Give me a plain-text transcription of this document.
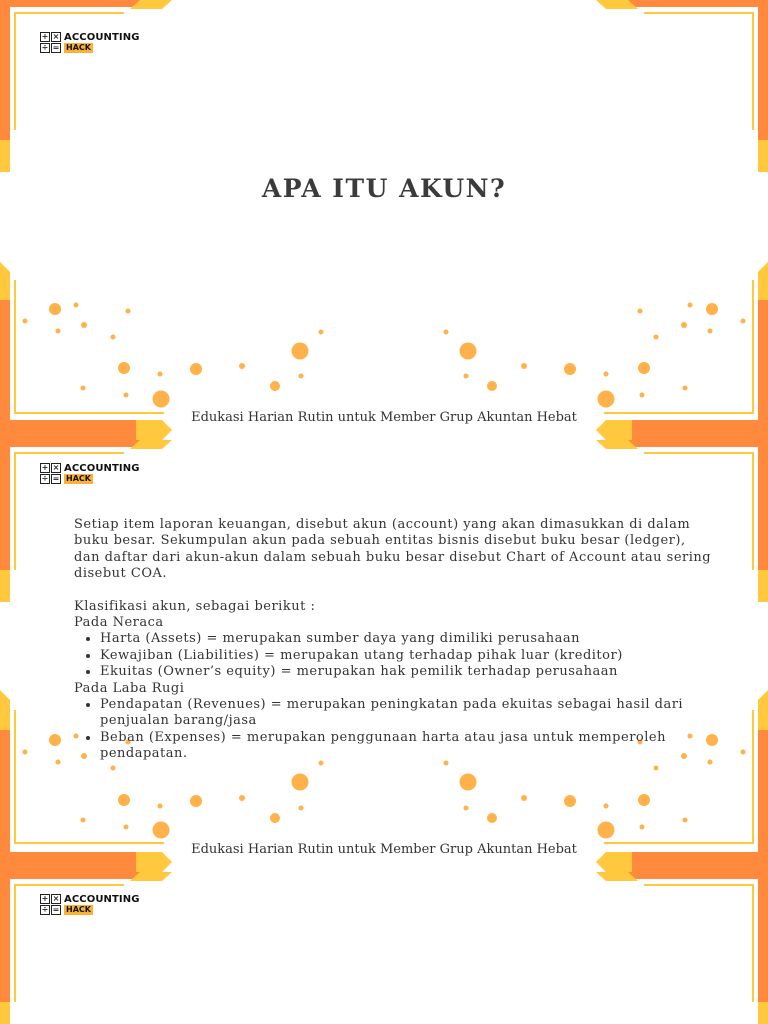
+ ×
÷ =
ACCOUNTING
HACK
APA ITU AKUN?
Edukasi Harian Rutin untuk Member Grup Akuntan Hebat
+ ×
÷ =
ACCOUNTING
HACK

Setiap item laporan keuangan, disebut akun (account) yang akan dimasukkan di dalam buku besar. Sekumpulan akun pada sebuah entitas bisnis disebut buku besar (ledger), dan daftar dari akun-akun dalam sebuah buku besar disebut Chart of Account atau sering disebut COA.

Klasifikasi akun, sebagai berikut :

Pada Neraca

• Harta (Assets) = merupakan sumber daya yang dimiliki perusahaan
• Kewajiban (Liabilities) = merupakan utang terhadap pihak luar (kreditor)
• Ekuitas (Owner’s equity) = merupakan hak pemilik terhadap perusahaan

Pada Laba Rugi

• Pendapatan (Revenues) = merupakan peningkatan pada ekuitas sebagai hasil dari penjualan barang/jasa
• Beban (Expenses) = merupakan penggunaan harta atau jasa untuk memperoleh pendapatan.
Edukasi Harian Rutin untuk Member Grup Akuntan Hebat
+ ×
÷ =
ACCOUNTING
HACK
